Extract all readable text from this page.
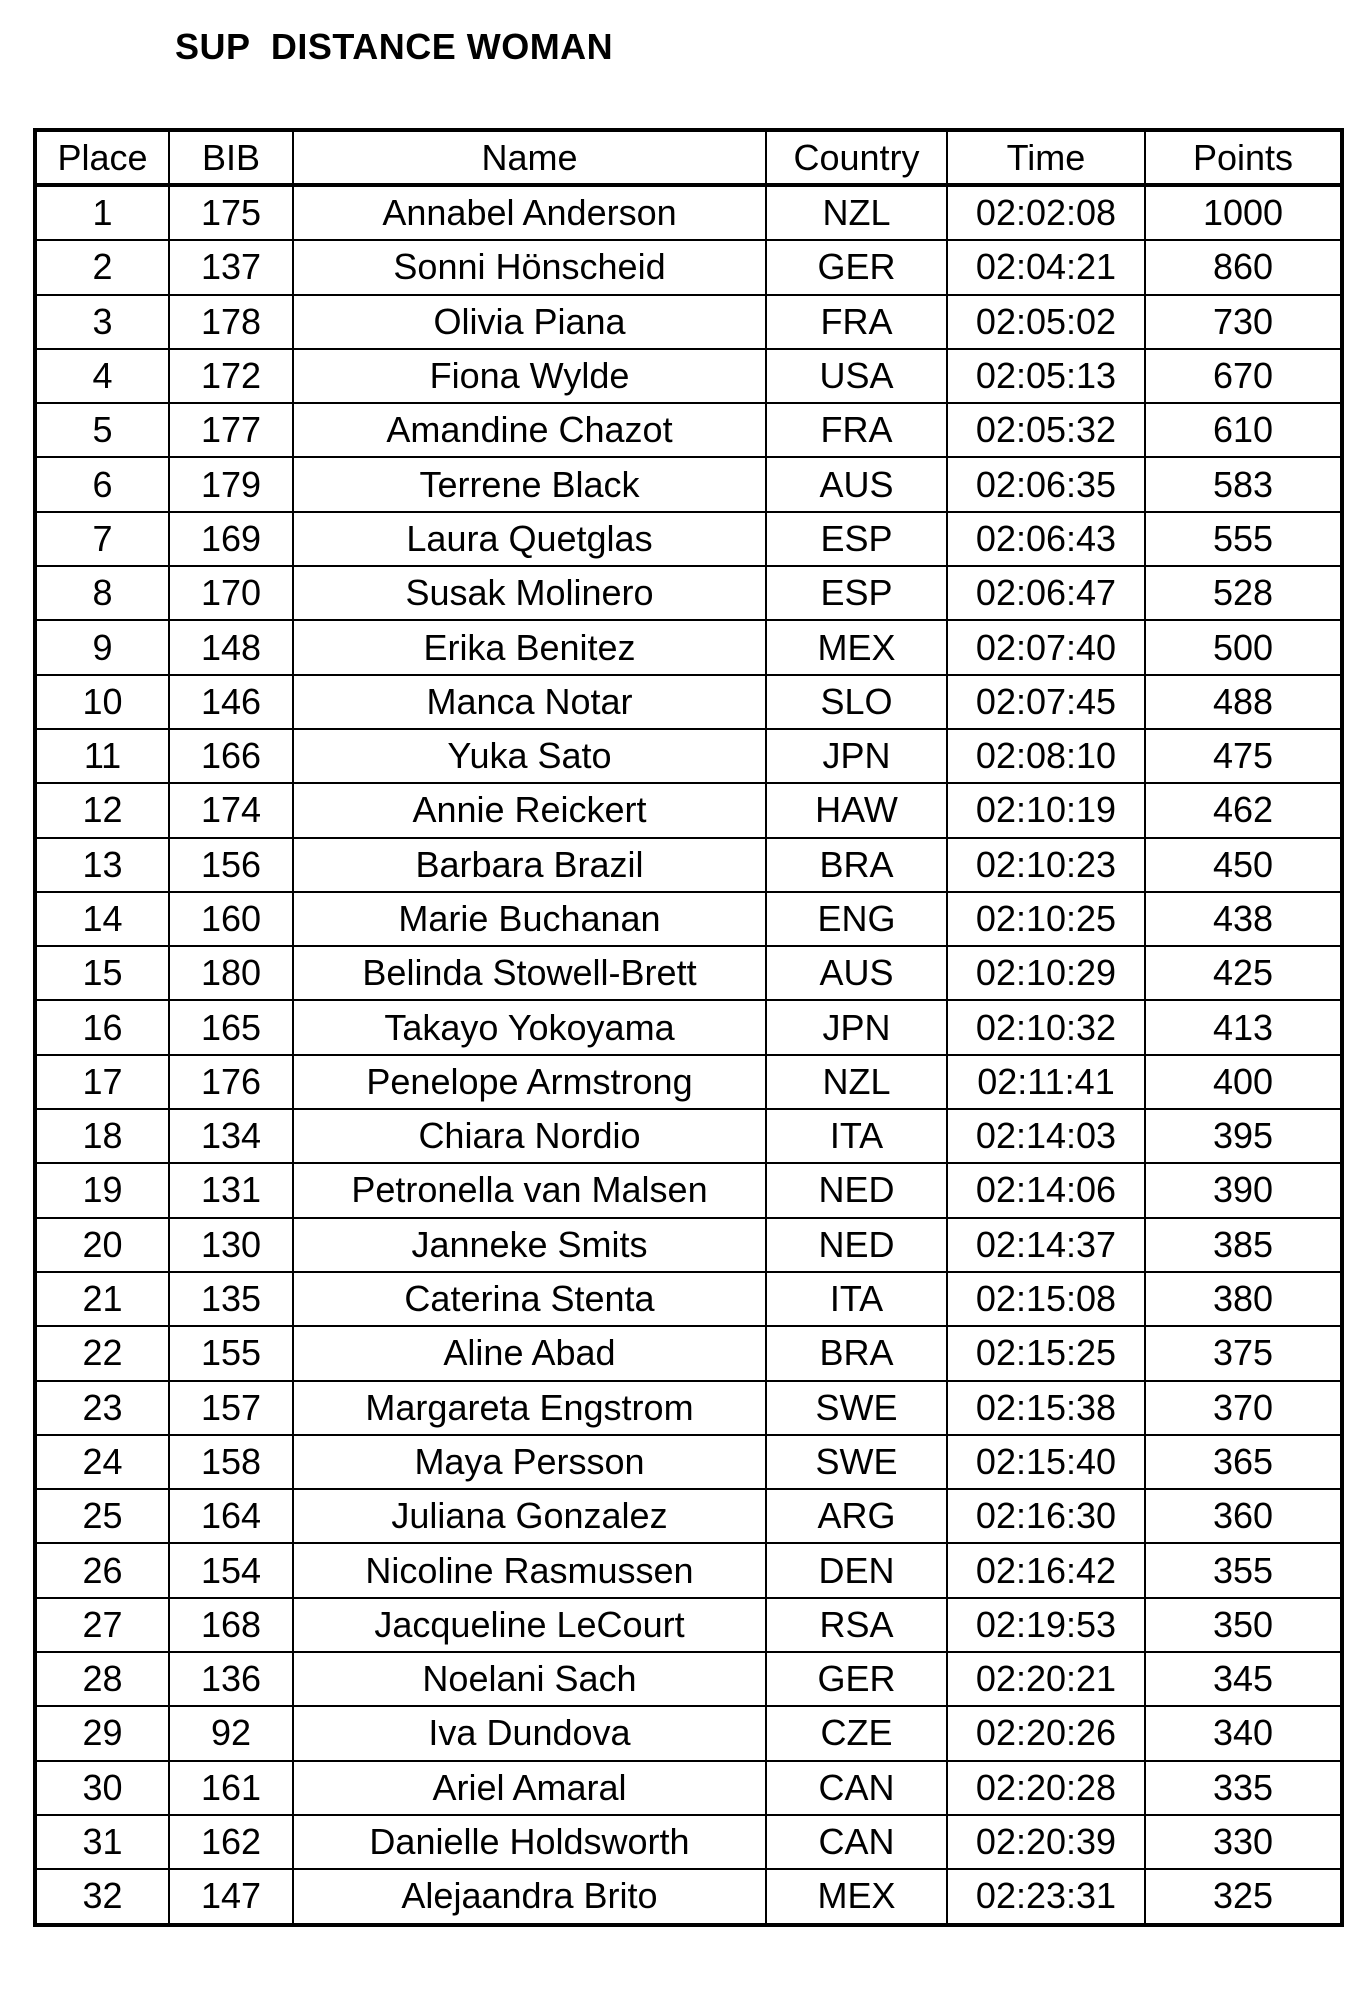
SUP  DISTANCE WOMAN
Place	BIB	Name	Country	Time	Points
1	175	Annabel Anderson	NZL	02:02:08	1000
2	137	Sonni Hönscheid	GER	02:04:21	860
3	178	Olivia Piana	FRA	02:05:02	730
4	172	Fiona Wylde	USA	02:05:13	670
5	177	Amandine Chazot	FRA	02:05:32	610
6	179	Terrene Black	AUS	02:06:35	583
7	169	Laura Quetglas	ESP	02:06:43	555
8	170	Susak Molinero	ESP	02:06:47	528
9	148	Erika Benitez	MEX	02:07:40	500
10	146	Manca Notar	SLO	02:07:45	488
11	166	Yuka Sato	JPN	02:08:10	475
12	174	Annie Reickert	HAW	02:10:19	462
13	156	Barbara Brazil	BRA	02:10:23	450
14	160	Marie Buchanan	ENG	02:10:25	438
15	180	Belinda Stowell-Brett	AUS	02:10:29	425
16	165	Takayo Yokoyama	JPN	02:10:32	413
17	176	Penelope Armstrong	NZL	02:11:41	400
18	134	Chiara Nordio	ITA	02:14:03	395
19	131	Petronella van Malsen	NED	02:14:06	390
20	130	Janneke Smits	NED	02:14:37	385
21	135	Caterina Stenta	ITA	02:15:08	380
22	155	Aline Abad	BRA	02:15:25	375
23	157	Margareta Engstrom	SWE	02:15:38	370
24	158	Maya Persson	SWE	02:15:40	365
25	164	Juliana Gonzalez	ARG	02:16:30	360
26	154	Nicoline Rasmussen	DEN	02:16:42	355
27	168	Jacqueline LeCourt	RSA	02:19:53	350
28	136	Noelani Sach	GER	02:20:21	345
29	92	Iva Dundova	CZE	02:20:26	340
30	161	Ariel Amaral	CAN	02:20:28	335
31	162	Danielle Holdsworth	CAN	02:20:39	330
32	147	Alejaandra Brito	MEX	02:23:31	325
